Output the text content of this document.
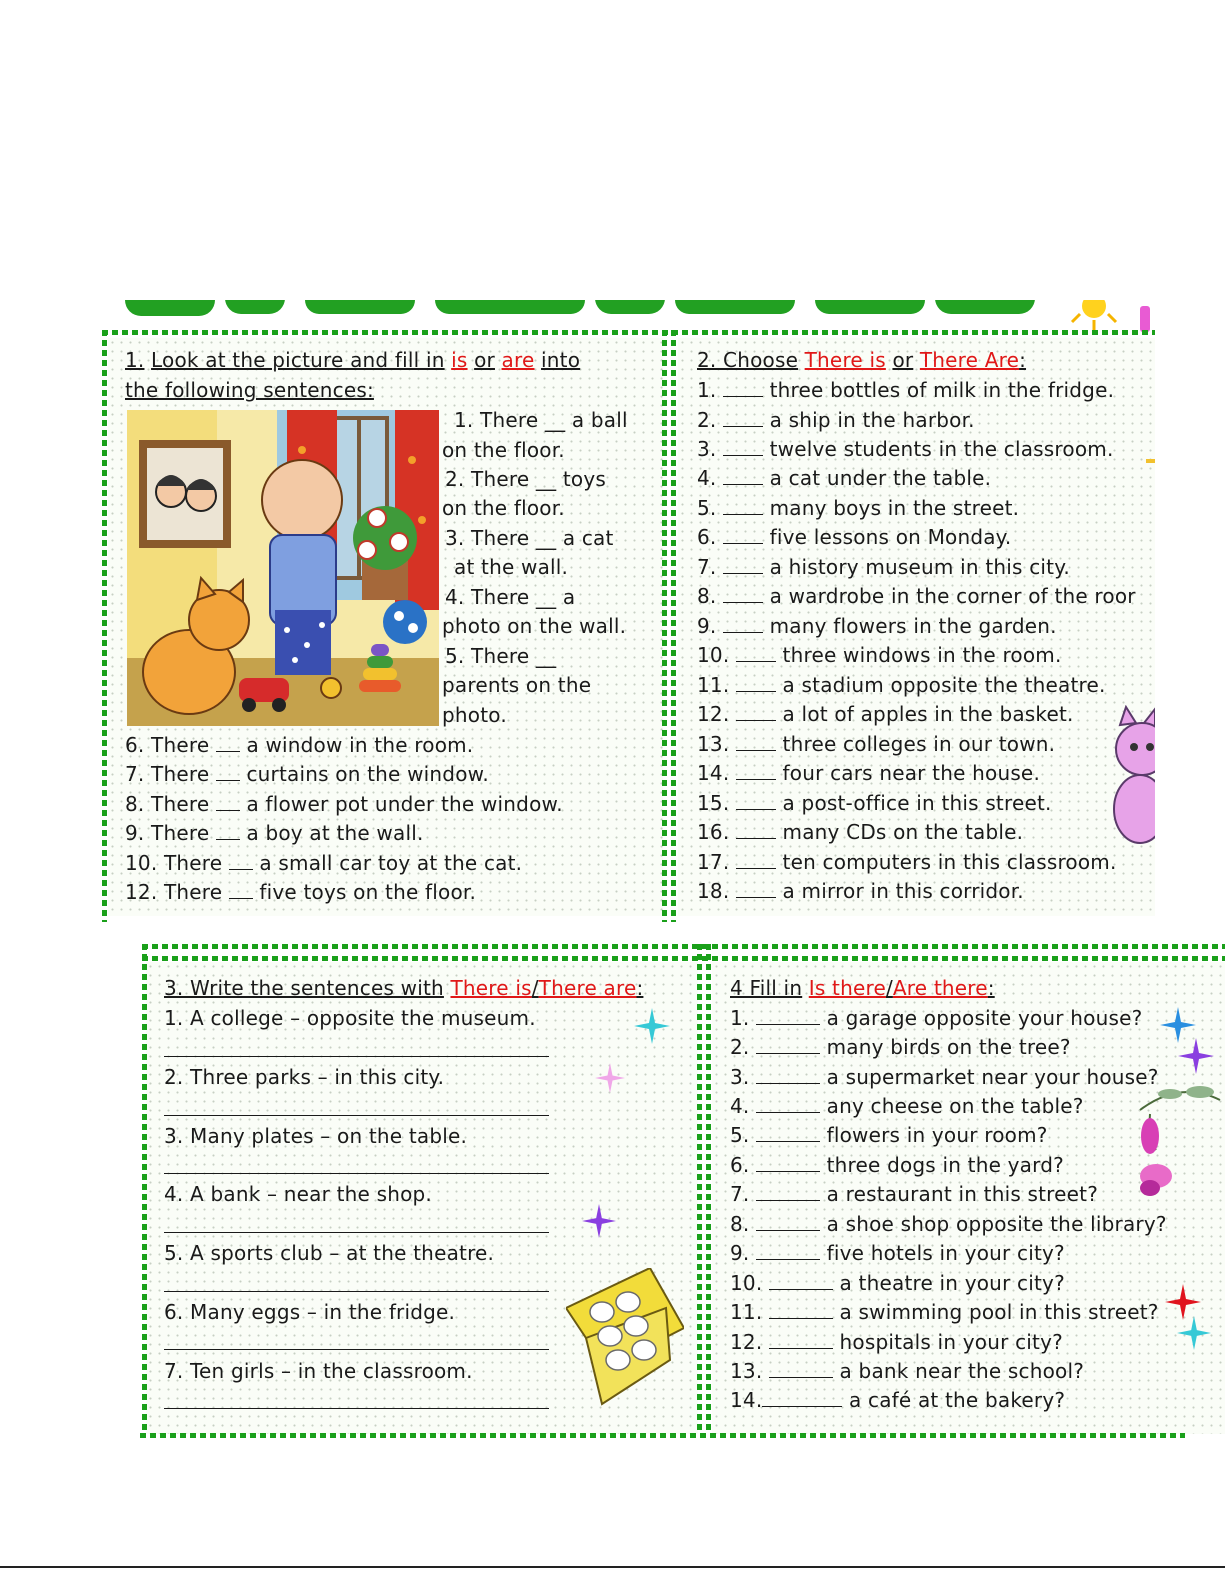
1. Look at the picture and fill in is or are into
the following sentences:
1. There __ a ball
on the floor.
2. There __ toys
on the floor.
3. There __ a cat
at the wall.
4. There __ a
photo on the wall.
5. There __
parents on the
photo.
6. There a window in the room.
7. There curtains on the window.
8. There a flower pot under the window.
9. There a boy at the wall.
10. There a small car toy at the cat.
12. There five toys on the floor.
2. Choose There is or There Are:
1.	three bottles of milk in the fridge.
2.	a ship in the harbor.
3.	twelve students in the classroom.
4.	a cat under the table.
5.	many boys in the street.
6.	five lessons on Monday.
7.	a history museum in this city.
8.	a wardrobe in the corner of the roor
9.	many flowers in the garden.
10.	three windows in the room.
11.	a stadium opposite the theatre.
12.	a lot of apples in the basket.
13.	three colleges in our town.
14.	four cars near the house.
15.	a post-office in this street.
16.	many CDs on the table.
17.	ten computers in this classroom.
18.	a mirror in this corridor.
3. Write the sentences with There is/There are:
1. A college – opposite the museum.
2. Three parks – in this city.
3. Many plates – on the table.
4. A bank – near the shop.
5. A sports club – at the theatre.
6. Many eggs – in the fridge.
7. Ten girls – in the classroom.
4 Fill in Is there/Are there:
1.	a garage opposite your house?
2.	many birds on the tree?
3.	a supermarket near your house?
4.	any cheese on the table?
5.	flowers in your room?
6.	three dogs in the yard?
7.	a restaurant in this street?
8.	a shoe shop opposite the library?
9.	five hotels in your city?
10.	a theatre in your city?
11.	a swimming pool in this street?
12.	hospitals in your city?
13.	a bank near the school?
14.	a café at the bakery?
